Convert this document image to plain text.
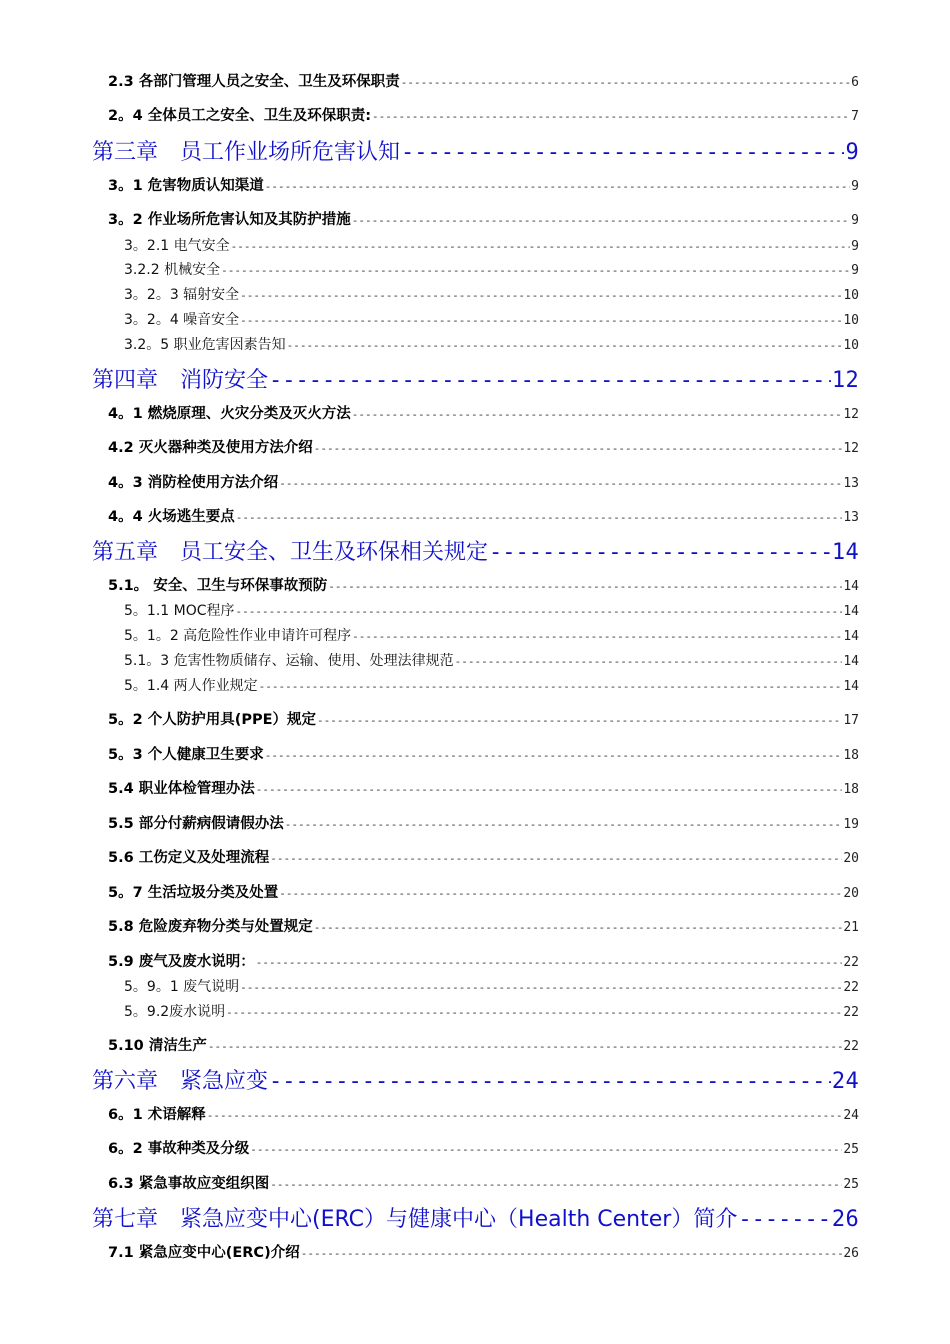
2.3 各部门管理人员之安全、卫生及环保职责 -----	6
2。4 全体员工之安全、卫生及环保职责: -----	7
第三章　员工作业场所危害认知 -----	9
3。1 危害物质认知渠道 -----	9
3。2 作业场所危害认知及其防护措施 -----	9
3。2.1 电气安全 -----	9
3.2.2 机械安全 -----	9
3。2。3 辐射安全 -----	10
3。2。4 噪音安全 -----	10
3.2。5 职业危害因素告知 -----	10
第四章　消防安全 -----	12
4。1 燃烧原理、火灾分类及灭火方法 -----	12
4.2 灭火器种类及使用方法介绍 -----	12
4。3 消防栓使用方法介绍 -----	13
4。4 火场逃生要点 -----	13
第五章　员工安全、卫生及环保相关规定 -----	14
5.1。 安全、卫生与环保事故预防 -----	14
5。1.1 MOC程序 -----	14
5。1。2 高危险性作业申请许可程序 -----	14
5.1。3 危害性物质储存、运输、使用、处理法律规范 -----	14
5。1.4 两人作业规定 -----	14
5。2 个人防护用具(PPE）规定 -----	17
5。3 个人健康卫生要求 -----	18
5.4 职业体检管理办法 -----	18
5.5 部分付薪病假请假办法 -----	19
5.6 工伤定义及处理流程 -----	20
5。7 生活垃圾分类及处置 -----	20
5.8 危险废弃物分类与处置规定 -----	21
5.9 废气及废水说明： -----	22
5。9。1 废气说明 -----	22
5。9.2废水说明 -----	22
5.10 清洁生产 -----	22
第六章　紧急应变 -----	24
6。1 术语解释 -----	24
6。2 事故种类及分级 -----	25
6.3 紧急事故应变组织图 -----	25
第七章　紧急应变中心(ERC）与健康中心（Health Center）简介 -----	26
7.1 紧急应变中心(ERC)介绍 -----	26
